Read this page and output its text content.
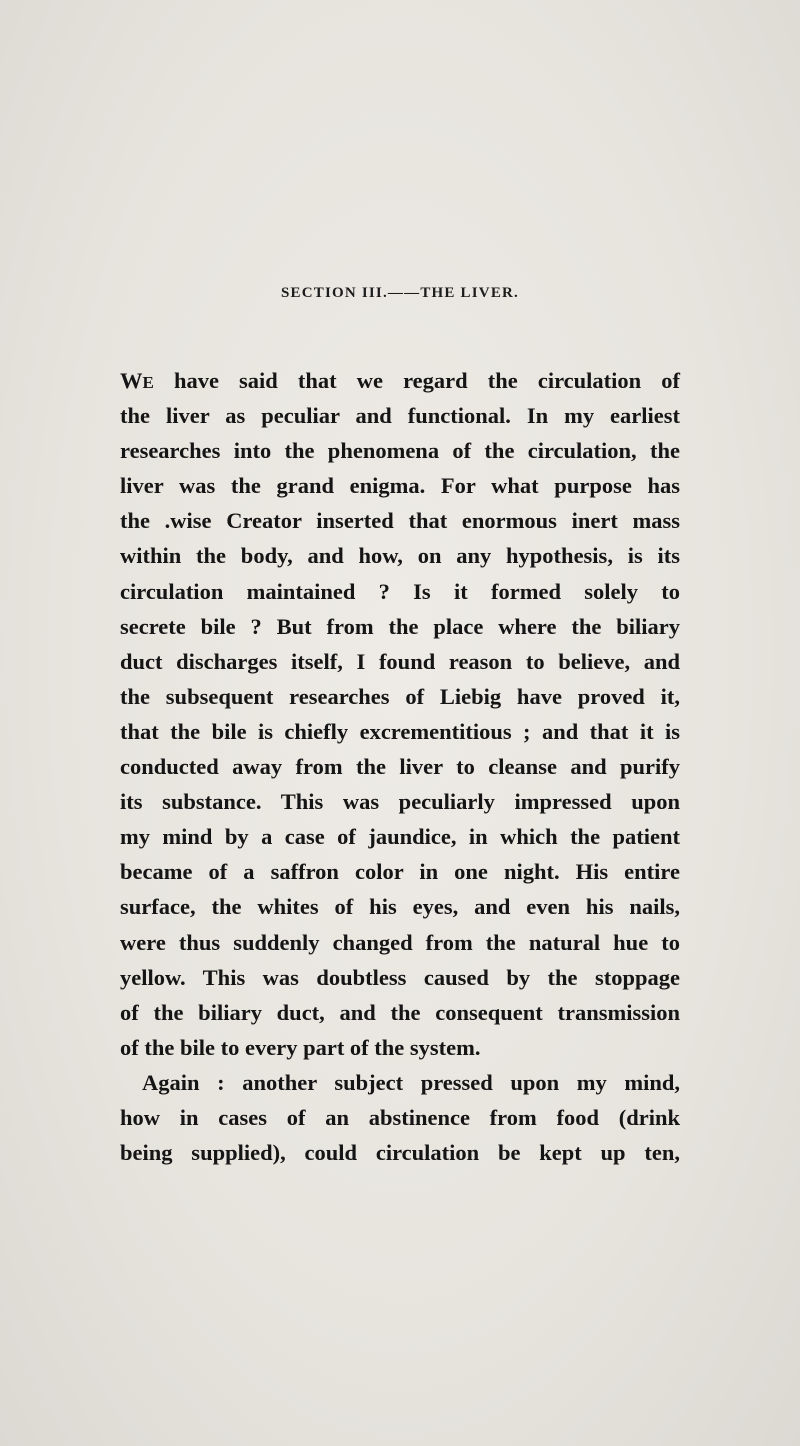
SECTION III.——THE LIVER.
WE have said that we regard the circulation of
the liver as peculiar and functional. In my earliest
researches into the phenomena of the circulation, the
liver was the grand enigma. For what purpose has
the .wise Creator inserted that enormous inert mass
within the body, and how, on any hypothesis, is its
circulation maintained ? Is it formed solely to
secrete bile ? But from the place where the biliary
duct discharges itself, I found reason to believe, and
the subsequent researches of Liebig have proved it,
that the bile is chiefly excrementitious ; and that it is
conducted away from the liver to cleanse and purify
its substance. This was peculiarly impressed upon
my mind by a case of jaundice, in which the patient
became of a saffron color in one night. His entire
surface, the whites of his eyes, and even his nails,
were thus suddenly changed from the natural hue to
yellow. This was doubtless caused by the stoppage
of the biliary duct, and the consequent transmission
of the bile to every part of the system.
Again : another subject pressed upon my mind,
how in cases of an abstinence from food (drink
being supplied), could circulation be kept up ten,
